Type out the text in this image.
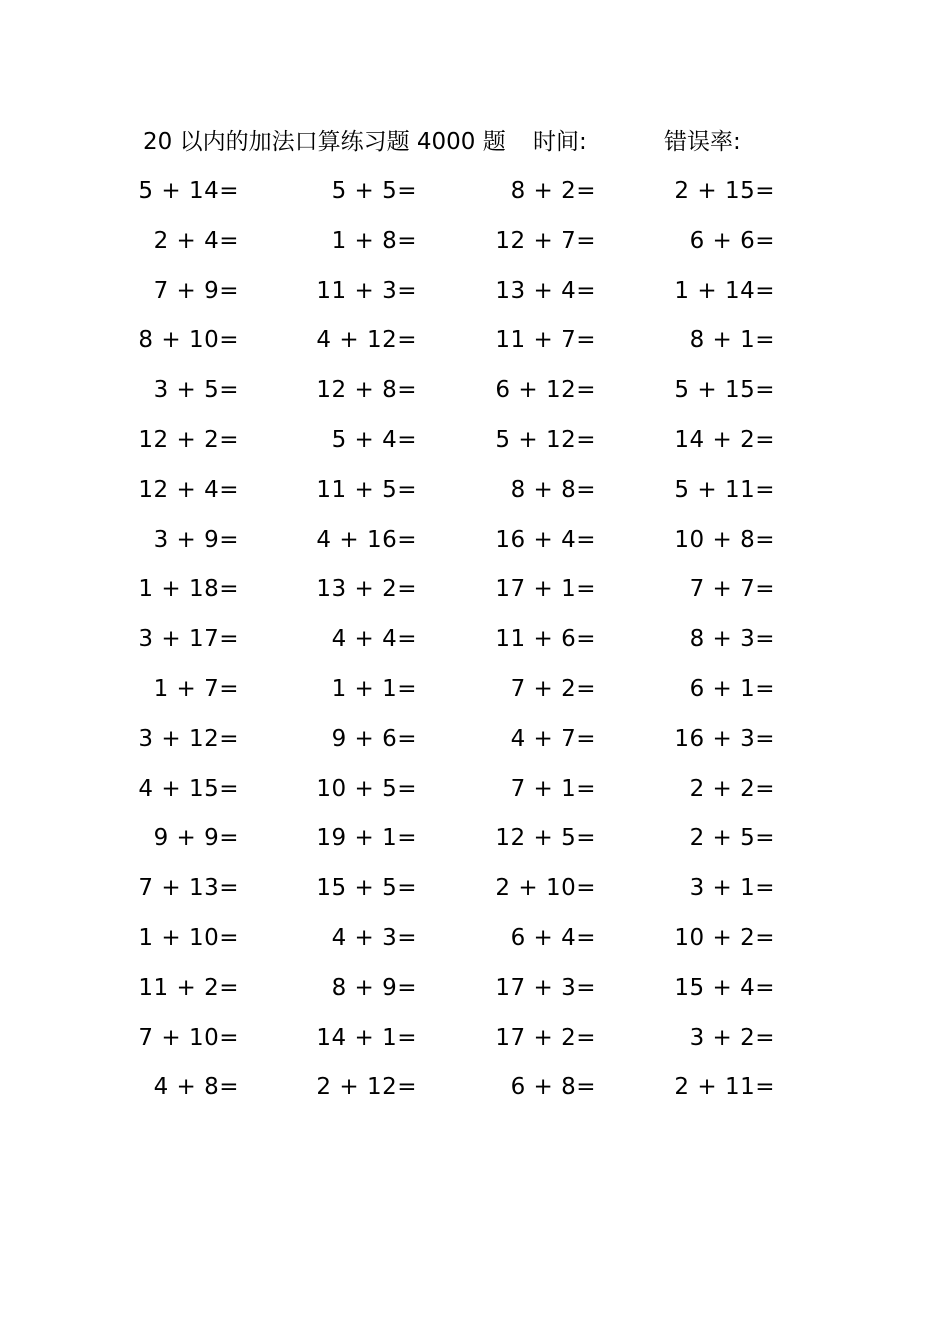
20 以内的加法口算练习题 4000 题 时间:	错误率:
5 + 14=	5 + 5=	8 + 2=	2 + 15=
2 + 4=	1 + 8=	12 + 7=	6 + 6=
7 + 9=	11 + 3=	13 + 4=	1 + 14=
8 + 10=	4 + 12=	11 + 7=	8 + 1=
3 + 5=	12 + 8=	6 + 12=	5 + 15=
12 + 2=	5 + 4=	5 + 12=	14 + 2=
12 + 4=	11 + 5=	8 + 8=	5 + 11=
3 + 9=	4 + 16=	16 + 4=	10 + 8=
1 + 18=	13 + 2=	17 + 1=	7 + 7=
3 + 17=	4 + 4=	11 + 6=	8 + 3=
1 + 7=	1 + 1=	7 + 2=	6 + 1=
3 + 12=	9 + 6=	4 + 7=	16 + 3=
4 + 15=	10 + 5=	7 + 1=	2 + 2=
9 + 9=	19 + 1=	12 + 5=	2 + 5=
7 + 13=	15 + 5=	2 + 10=	3 + 1=
1 + 10=	4 + 3=	6 + 4=	10 + 2=
11 + 2=	8 + 9=	17 + 3=	15 + 4=
7 + 10=	14 + 1=	17 + 2=	3 + 2=
4 + 8=	2 + 12=	6 + 8=	2 + 11=
